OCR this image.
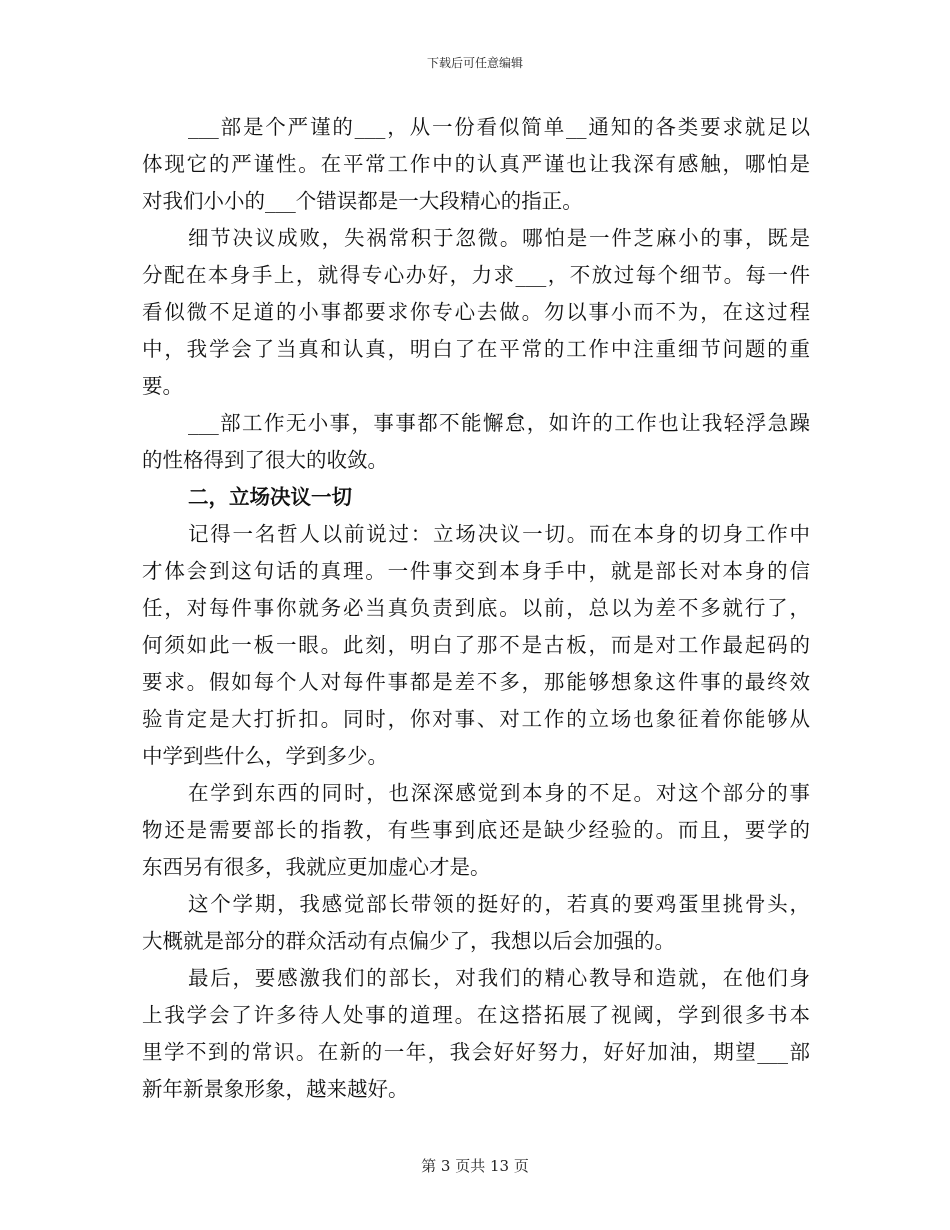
下载后可任意编辑
___部是个严谨的___，从一份看似简单__通知的各类要求就足以
体现它的严谨性。在平常工作中的认真严谨也让我深有感触，哪怕是
对我们小小的___个错误都是一大段精心的指正。
细节决议成败，失祸常积于忽微。哪怕是一件芝麻小的事，既是
分配在本身手上，就得专心办好，力求___，不放过每个细节。每一件
看似微不足道的小事都要求你专心去做。勿以事小而不为，在这过程
中，我学会了当真和认真，明白了在平常的工作中注重细节问题的重
要。
___部工作无小事，事事都不能懈怠，如许的工作也让我轻浮急躁
的性格得到了很大的收敛。
二，立场决议一切
记得一名哲人以前说过：立场决议一切。而在本身的切身工作中
才体会到这句话的真理。一件事交到本身手中，就是部长对本身的信
任，对每件事你就务必当真负责到底。以前，总以为差不多就行了，
何须如此一板一眼。此刻，明白了那不是古板，而是对工作最起码的
要求。假如每个人对每件事都是差不多，那能够想象这件事的最终效
验肯定是大打折扣。同时，你对事、对工作的立场也象征着你能够从
中学到些什么，学到多少。
在学到东西的同时，也深深感觉到本身的不足。对这个部分的事
物还是需要部长的指教，有些事到底还是缺少经验的。而且，要学的
东西另有很多，我就应更加虚心才是。
这个学期，我感觉部长带领的挺好的，若真的要鸡蛋里挑骨头，
大概就是部分的群众活动有点偏少了，我想以后会加强的。
最后，要感激我们的部长，对我们的精心教导和造就，在他们身
上我学会了许多待人处事的道理。在这搭拓展了视阈，学到很多书本
里学不到的常识。在新的一年，我会好好努力，好好加油，期望___部
新年新景象形象，越来越好。
第 3 页共 13 页
